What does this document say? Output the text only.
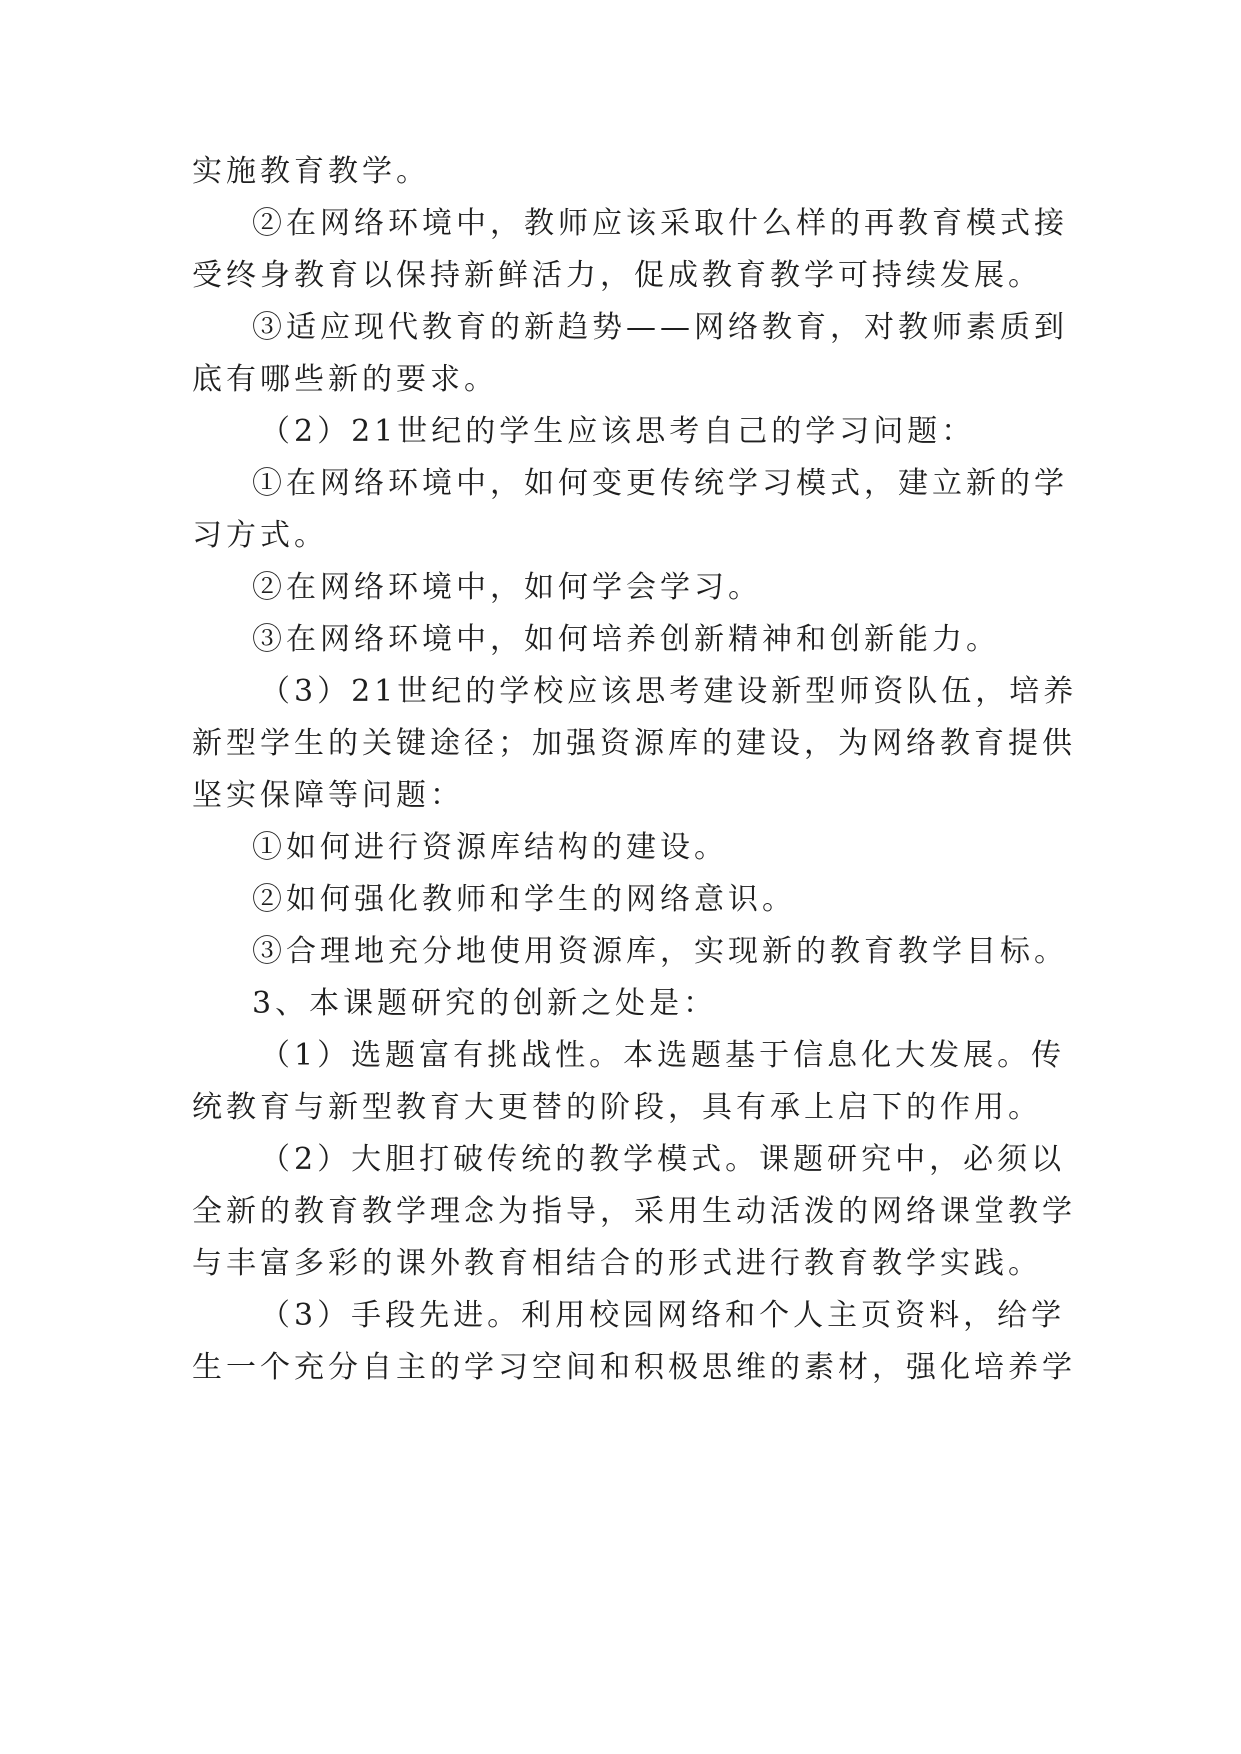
实施教育教学。
②在网络环境中，教师应该采取什么样的再教育模式接
受终身教育以保持新鲜活力，促成教育教学可持续发展。
③适应现代教育的新趋势——网络教育，对教师素质到
底有哪些新的要求。
（2）21世纪的学生应该思考自己的学习问题：
①在网络环境中，如何变更传统学习模式，建立新的学
习方式。
②在网络环境中，如何学会学习。
③在网络环境中，如何培养创新精神和创新能力。
（3）21世纪的学校应该思考建设新型师资队伍，培养
新型学生的关键途径；加强资源库的建设，为网络教育提供
坚实保障等问题：
①如何进行资源库结构的建设。
②如何强化教师和学生的网络意识。
③合理地充分地使用资源库，实现新的教育教学目标。
3、本课题研究的创新之处是：
（1）选题富有挑战性。本选题基于信息化大发展。传
统教育与新型教育大更替的阶段，具有承上启下的作用。
（2）大胆打破传统的教学模式。课题研究中，必须以
全新的教育教学理念为指导，采用生动活泼的网络课堂教学
与丰富多彩的课外教育相结合的形式进行教育教学实践。
（3）手段先进。利用校园网络和个人主页资料，给学
生一个充分自主的学习空间和积极思维的素材，强化培养学
